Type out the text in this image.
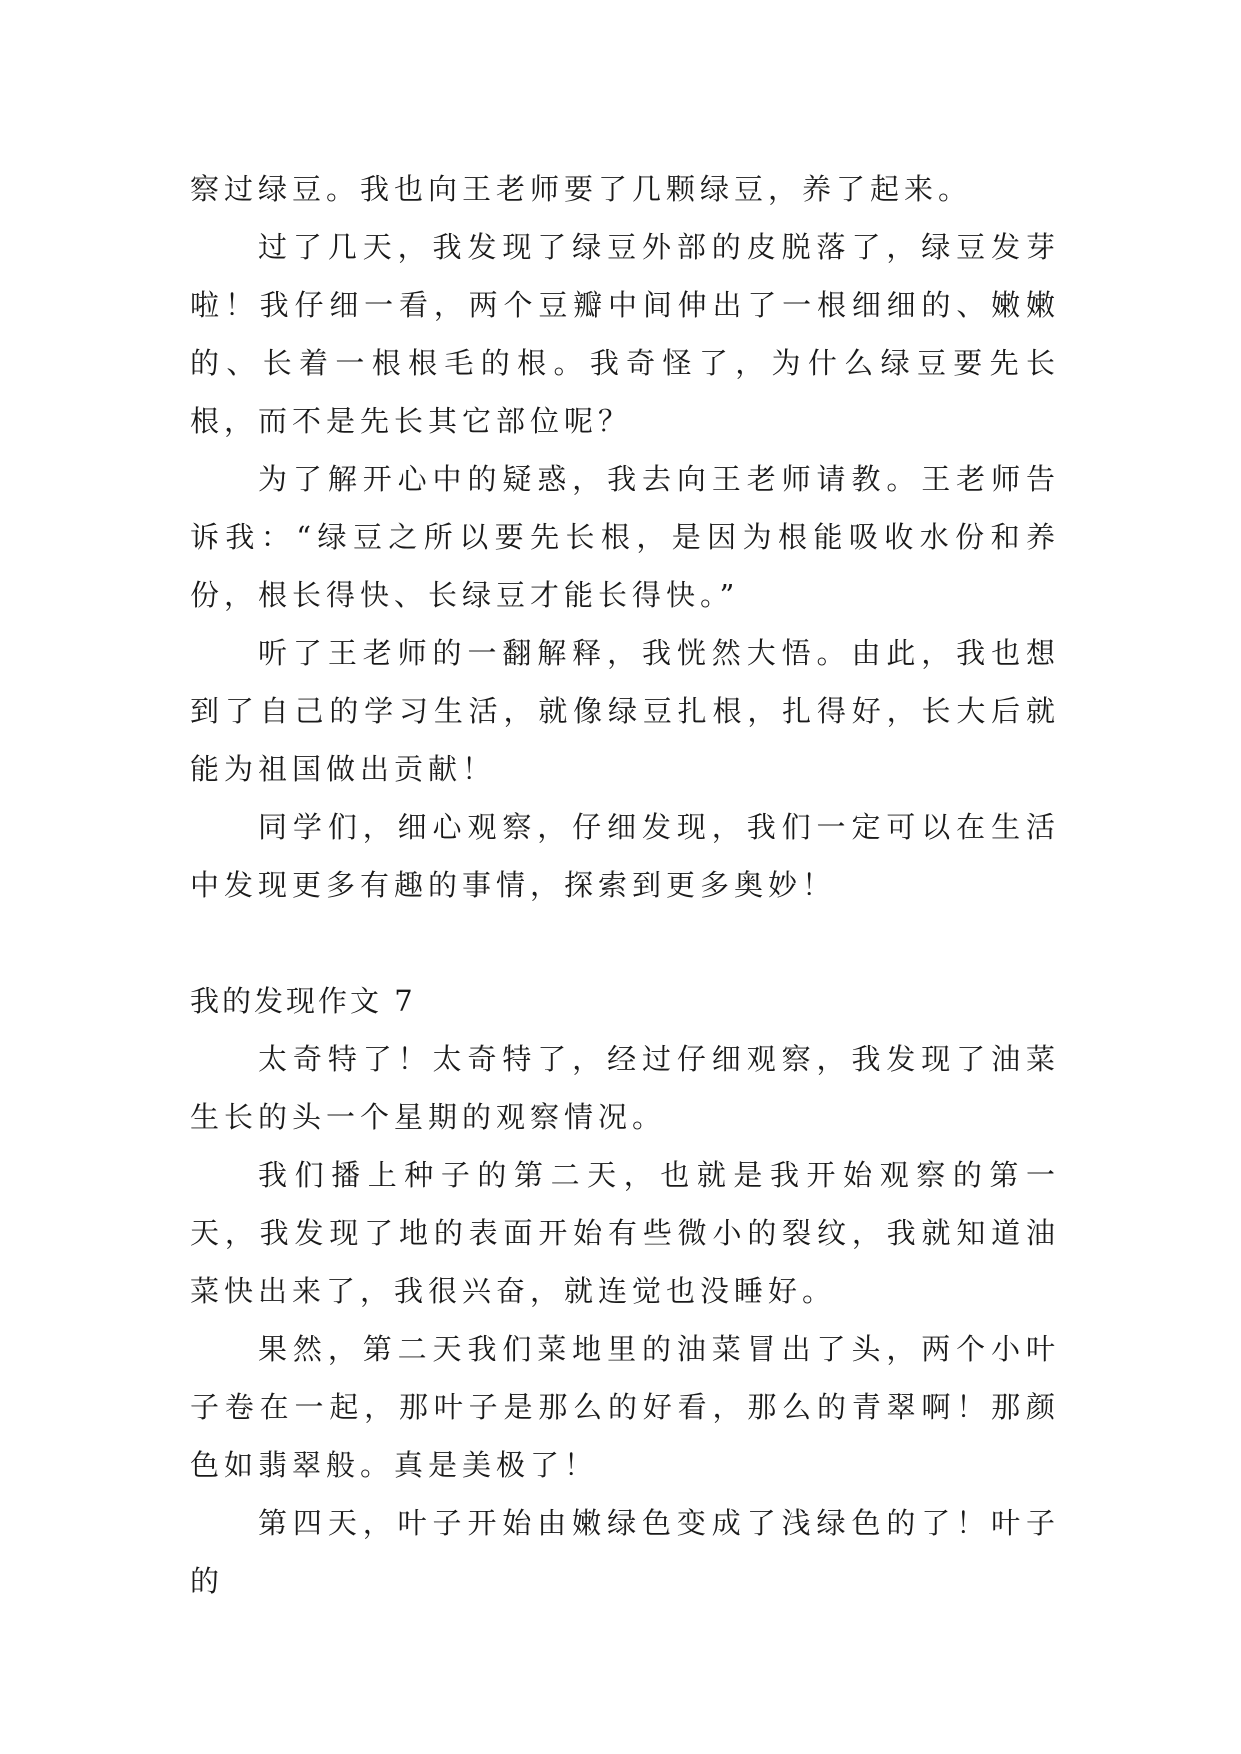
察过绿豆。我也向王老师要了几颗绿豆，养了起来。

过了几天，我发现了绿豆外部的皮脱落了，绿豆发芽啦！我仔细一看，两个豆瓣中间伸出了一根细细的、嫩嫩的、长着一根根毛的根。我奇怪了，为什么绿豆要先长根，而不是先长其它部位呢？

为了解开心中的疑惑，我去向王老师请教。王老师告诉我：“绿豆之所以要先长根，是因为根能吸收水份和养份，根长得快、长绿豆才能长得快。”

听了王老师的一翻解释，我恍然大悟。由此，我也想到了自己的学习生活，就像绿豆扎根，扎得好，长大后就能为祖国做出贡献！

同学们，细心观察，仔细发现，我们一定可以在生活中发现更多有趣的事情，探索到更多奥妙！

我的发现作文 7

太奇特了！太奇特了，经过仔细观察，我发现了油菜生长的头一个星期的观察情况。

我们播上种子的第二天，也就是我开始观察的第一天，我发现了地的表面开始有些微小的裂纹，我就知道油菜快出来了，我很兴奋，就连觉也没睡好。

果然，第二天我们菜地里的油菜冒出了头，两个小叶子卷在一起，那叶子是那么的好看，那么的青翠啊！那颜色如翡翠般。真是美极了！

第四天，叶子开始由嫩绿色变成了浅绿色的了！叶子的
